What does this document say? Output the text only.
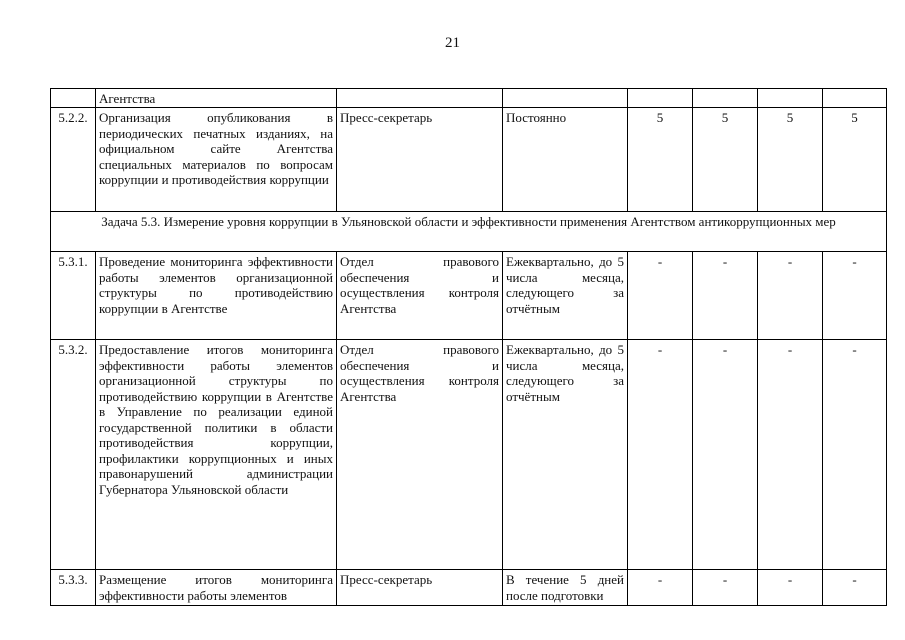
21
	Агентства						
5.2.2.	Организация опубликования в периодических печатных изданиях, на официальном сайте Агентства специальных материалов по вопросам коррупции и противодействия коррупции	Пресс-секретарь	Постоянно	5	5	5	5
Задача 5.3. Измерение уровня коррупции в Ульяновской области и эффективности применения Агентством антикоррупционных мер							
5.3.1.	Проведение мониторинга эффективности работы элементов организационной структуры по противодействию коррупции в Агентстве	Отдел правового обеспечения и осуществления контроля Агентства	Ежеквартально, до 5 числа месяца, следующего за отчётным	-	-	-	-

5.3.2.	Предоставление итогов мониторинга эффективности работы элементов организационной структуры по противодействию коррупции в Агентстве в Управление по реализации единой государственной политики в области противодействия коррупции, профилактики коррупционных и иных правонарушений администрации Губернатора Ульяновской области	Отдел правового обеспечения и осуществления контроля Агентства	Ежеквартально, до 5 числа месяца, следующего за отчётным	-	-	-	-

5.3.3.	Размещение итогов мониторинга эффективности работы элементов	Пресс-секретарь	В течение 5 дней после подготовки	-	-	-	-
